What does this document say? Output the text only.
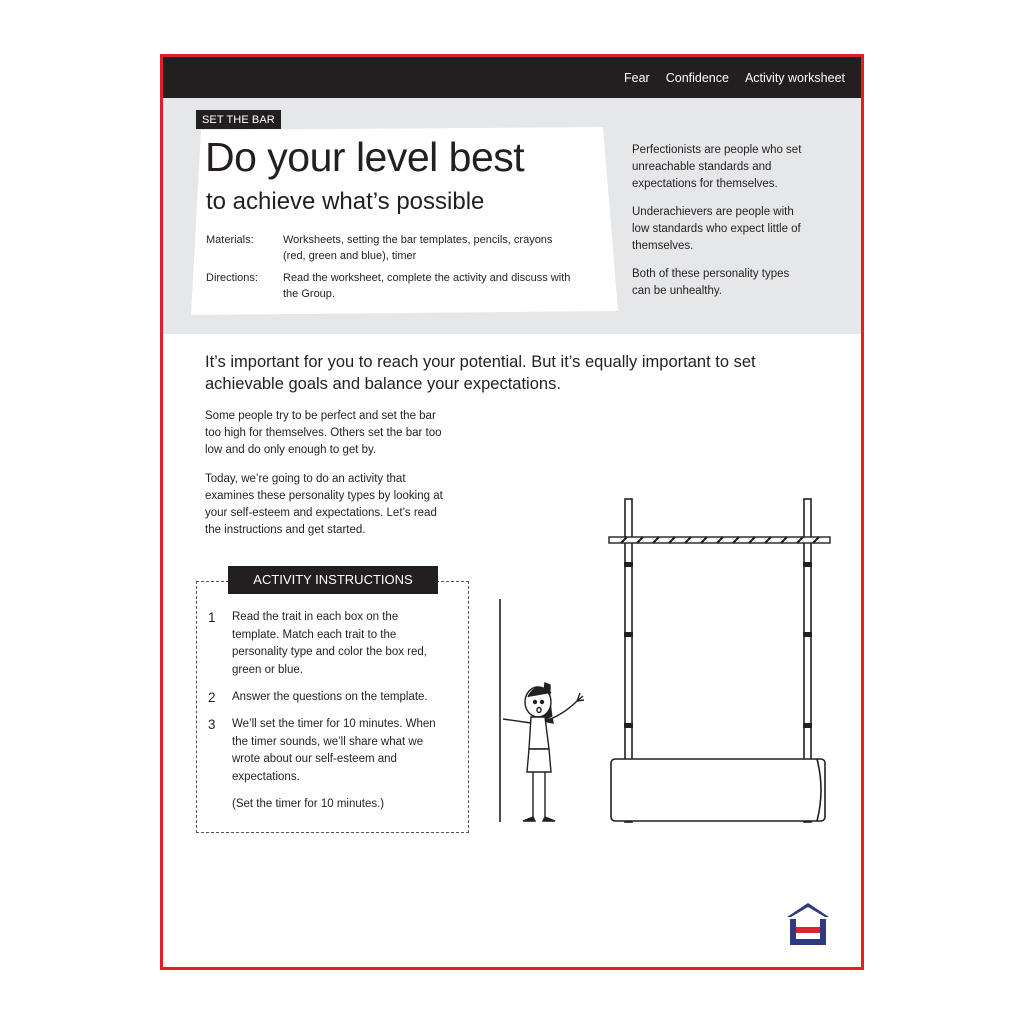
Fear Confidence Activity worksheet
SET THE BAR
Do your level best
to achieve what’s possible
Materials:	Worksheets, setting the bar templates, pencils, crayons (red, green and blue), timer
Directions:	Read the worksheet, complete the activity and discuss with the Group.
Perfectionists are people who set unreachable standards and expectations for themselves.
Underachievers are people with low standards who expect little of themselves.
Both of these personality types can be unhealthy.
It’s important for you to reach your potential. But it’s equally important to set achievable goals and balance your expectations.
Some people try to be perfect and set the bar too high for themselves. Others set the bar too low and do only enough to get by.
Today, we’re going to do an activity that examines these personality types by looking at your self-esteem and expectations. Let’s read the instructions and get started.
ACTIVITY INSTRUCTIONS
1 Read the trait in each box on the template. Match each trait to the personality type and color the box red, green or blue.
2 Answer the questions on the template.
3 We’ll set the timer for 10 minutes. When the timer sounds, we’ll share what we wrote about our self-esteem and expectations.
(Set the timer for 10 minutes.)
